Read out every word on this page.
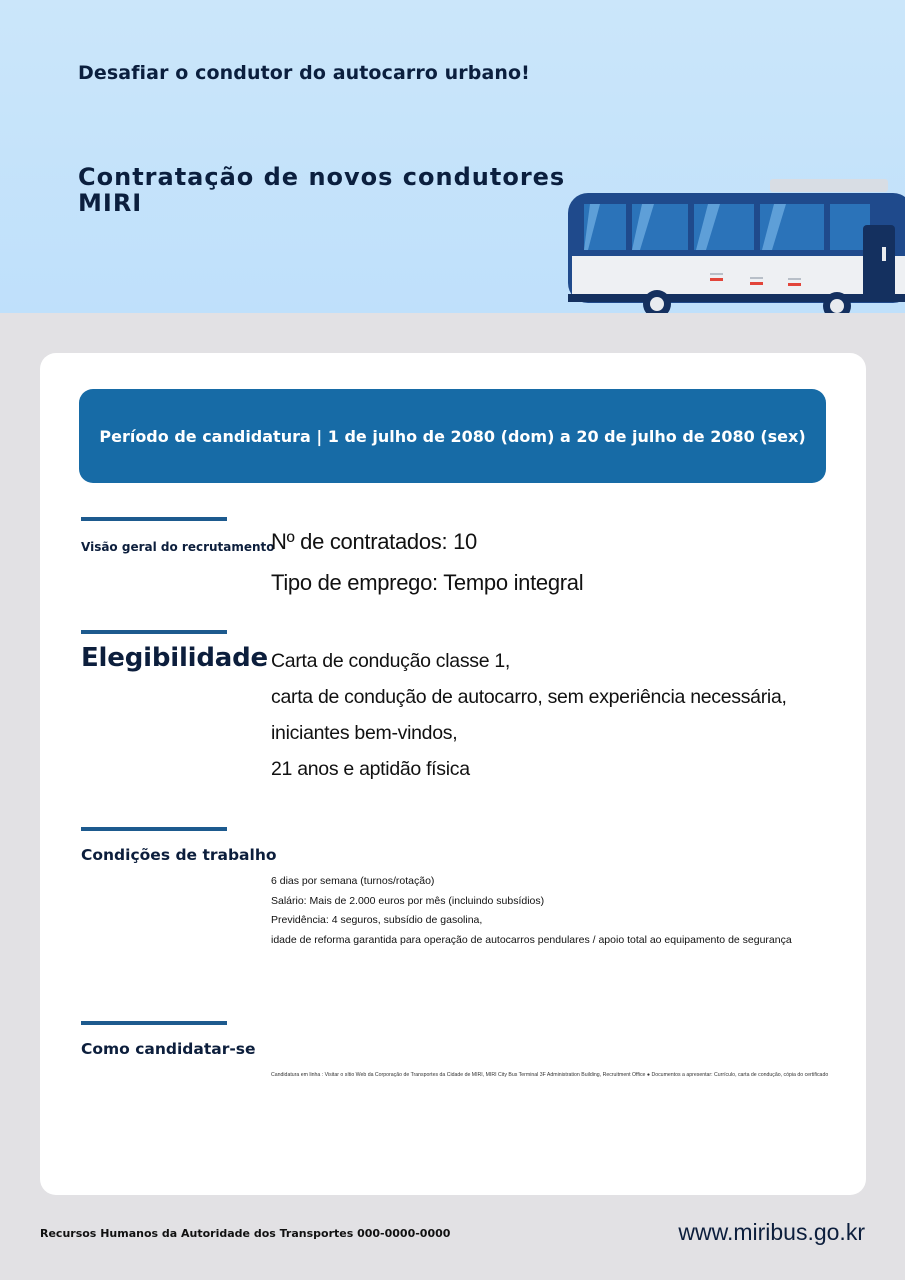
Desafiar o condutor do autocarro urbano!

Contratação de novos condutores
MIRI
Período de candidatura | 1 de julho de 2080 (dom) a 20 de julho de 2080 (sex)

Visão geral do recrutamento

Nº de contratados: 10
Tipo de emprego: Tempo integral

Elegibilidade Carta de condução classe 1,
carta de condução de autocarro, sem experiência necessária,
iniciantes bem-vindos,
21 anos e aptidão física

Condições de trabalho

6 dias por semana (turnos/rotação)
Salário: Mais de 2.000 euros por mês (incluindo subsídios)
Previdência: 4 seguros, subsídio de gasolina,
idade de reforma garantida para operação de autocarros pendulares / apoio total ao equipamento de segurança

Como candidatar-se

Candidatura em linha : Visitar o sítio Web da Corporação de Transportes da Cidade de MIRI, MIRI City Bus Terminal 3F Administration Building, Recruitment Office ● Documentos a apresentar: Currículo, carta de condução, cópia do certificado

Recursos Humanos da Autoridade dos Transportes 000-0000-0000	www.miribus.go.kr
